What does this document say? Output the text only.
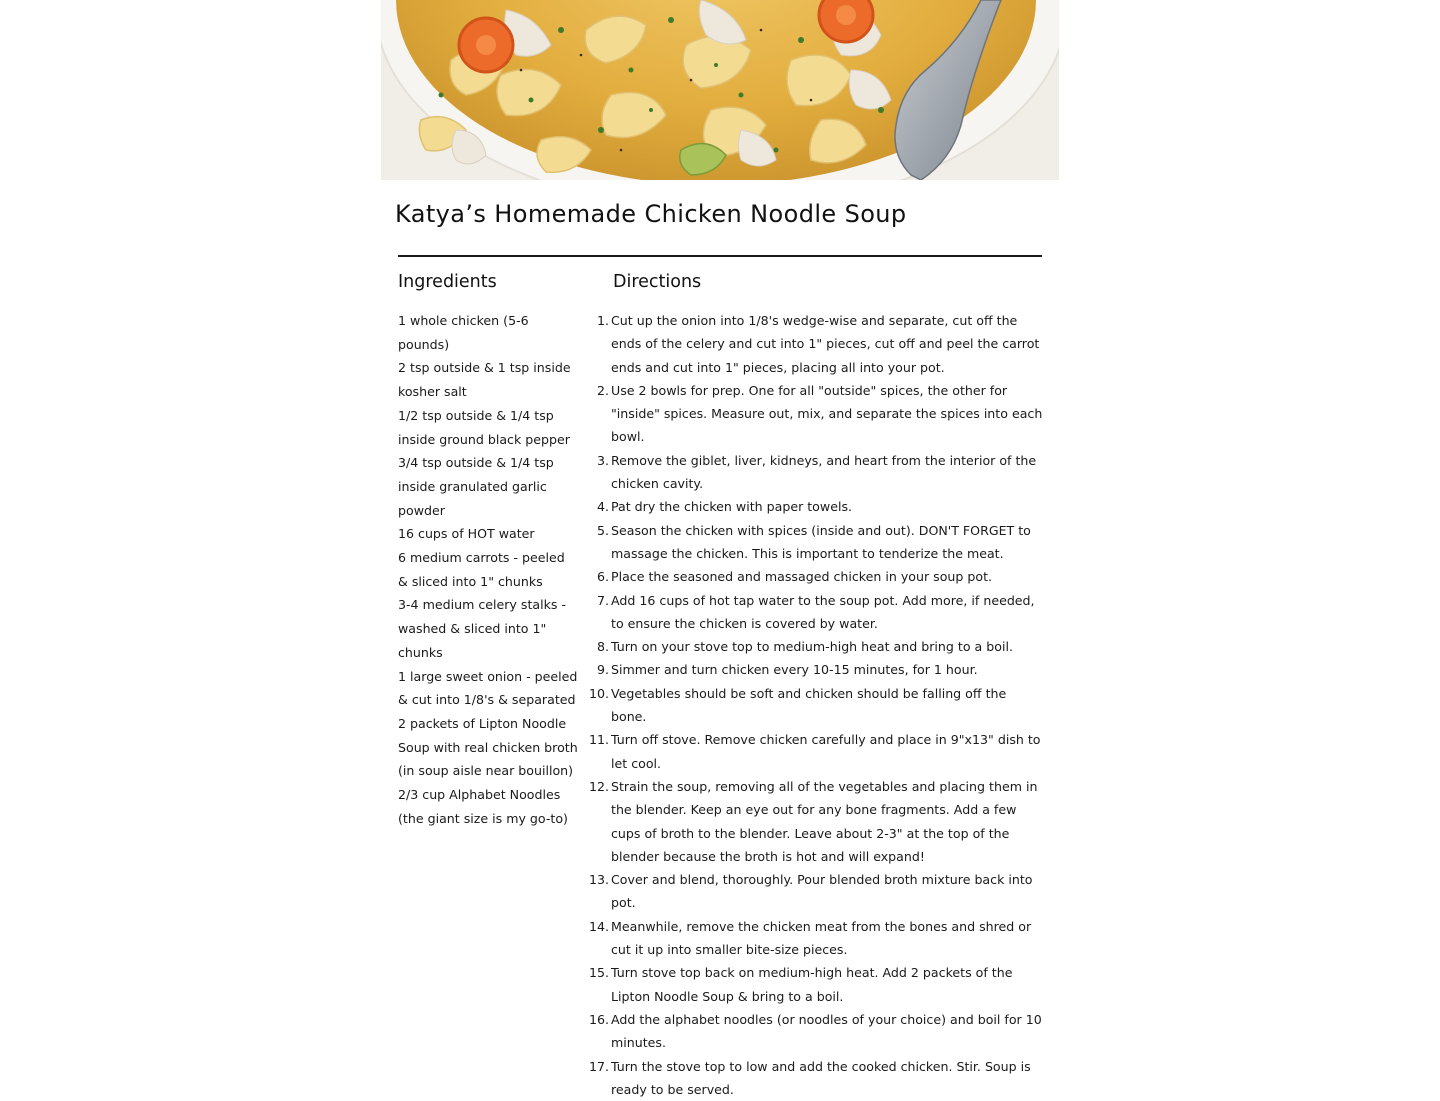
Katya’s Homemade Chicken Noodle Soup
Ingredients	Directions
1 whole chicken (5-6 pounds)
2 tsp outside & 1 tsp inside kosher salt
1/2 tsp outside & 1/4 tsp inside ground black pepper
3/4 tsp outside & 1/4 tsp inside granulated garlic powder
16 cups of HOT water
6 medium carrots - peeled & sliced into 1" chunks
3-4 medium celery stalks - washed & sliced into 1" chunks
1 large sweet onion - peeled & cut into 1/8's & separated
2 packets of Lipton Noodle Soup with real chicken broth (in soup aisle near bouillon)
2/3 cup Alphabet Noodles (the giant size is my go-to)
1. Cut up the onion into 1/8's wedge-wise and separate, cut off the ends of the celery and cut into 1" pieces, cut off and peel the carrot ends and cut into 1" pieces, placing all into your pot.
2. Use 2 bowls for prep. One for all "outside" spices, the other for "inside" spices. Measure out, mix, and separate the spices into each bowl.
3. Remove the giblet, liver, kidneys, and heart from the interior of the chicken cavity.
4. Pat dry the chicken with paper towels.
5. Season the chicken with spices (inside and out). DON'T FORGET to massage the chicken. This is important to tenderize the meat.
6. Place the seasoned and massaged chicken in your soup pot.
7. Add 16 cups of hot tap water to the soup pot. Add more, if needed, to ensure the chicken is covered by water.
8. Turn on your stove top to medium-high heat and bring to a boil.
9. Simmer and turn chicken every 10-15 minutes, for 1 hour.
10. Vegetables should be soft and chicken should be falling off the bone.
11. Turn off stove. Remove chicken carefully and place in 9"x13" dish to let cool.
12. Strain the soup, removing all of the vegetables and placing them in the blender. Keep an eye out for any bone fragments. Add a few cups of broth to the blender. Leave about 2-3" at the top of the blender because the broth is hot and will expand!
13. Cover and blend, thoroughly. Pour blended broth mixture back into pot.
14. Meanwhile, remove the chicken meat from the bones and shred or cut it up into smaller bite-size pieces.
15. Turn stove top back on medium-high heat. Add 2 packets of the Lipton Noodle Soup & bring to a boil.
16. Add the alphabet noodles (or noodles of your choice) and boil for 10 minutes.
17. Turn the stove top to low and add the cooked chicken. Stir. Soup is ready to be served.
